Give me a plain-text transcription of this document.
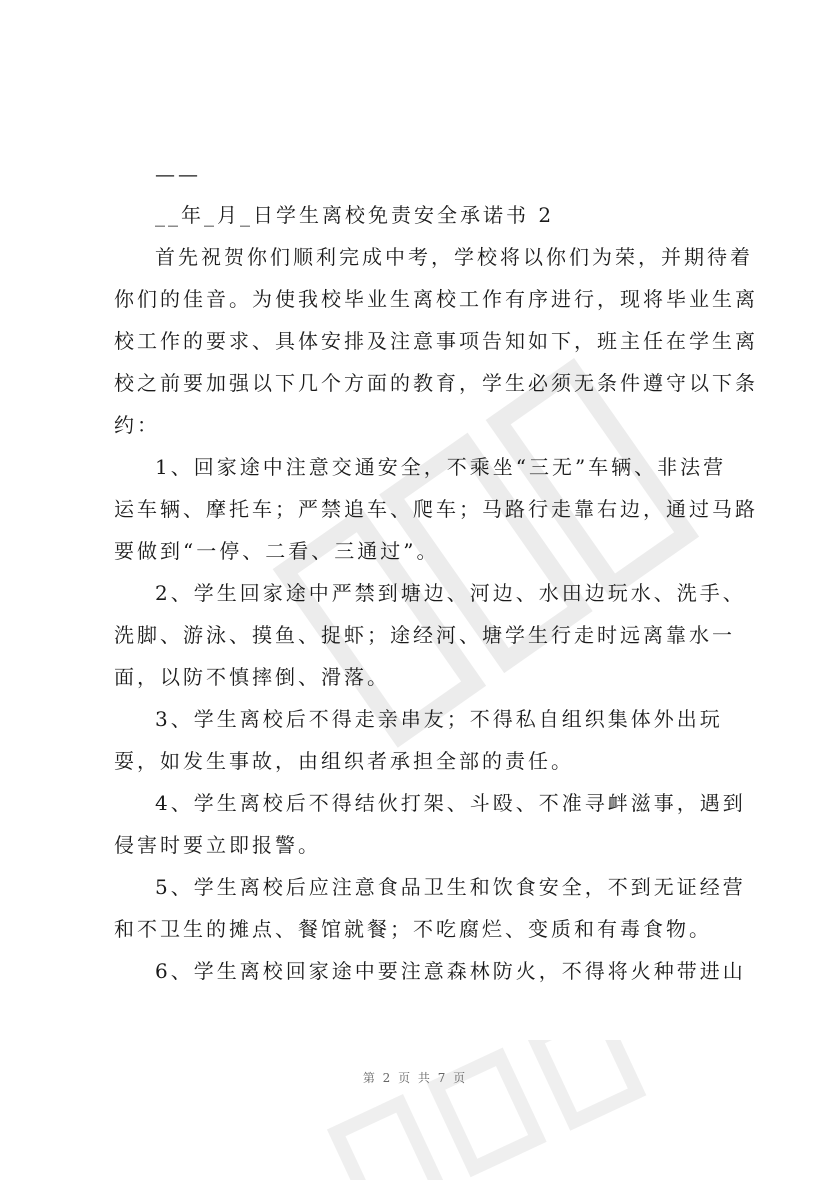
——
__年_月_日学生离校免责安全承诺书 2
首先祝贺你们顺利完成中考，学校将以你们为荣，并期待着
你们的佳音。为使我校毕业生离校工作有序进行，现将毕业生离
校工作的要求、具体安排及注意事项告知如下，班主任在学生离
校之前要加强以下几个方面的教育，学生必须无条件遵守以下条
约：
1、回家途中注意交通安全，不乘坐“三无”车辆、非法营
运车辆、摩托车；严禁追车、爬车；马路行走靠右边，通过马路
要做到“一停、二看、三通过”。
2、学生回家途中严禁到塘边、河边、水田边玩水、洗手、
洗脚、游泳、摸鱼、捉虾；途经河、塘学生行走时远离靠水一
面，以防不慎摔倒、滑落。
3、学生离校后不得走亲串友；不得私自组织集体外出玩
耍，如发生事故，由组织者承担全部的责任。
4、学生离校后不得结伙打架、斗殴、不准寻衅滋事，遇到
侵害时要立即报警。
5、学生离校后应注意食品卫生和饮食安全，不到无证经营
和不卫生的摊点、餐馆就餐；不吃腐烂、变质和有毒食物。
6、学生离校回家途中要注意森林防火，不得将火种带进山
第 2 页 共 7 页
